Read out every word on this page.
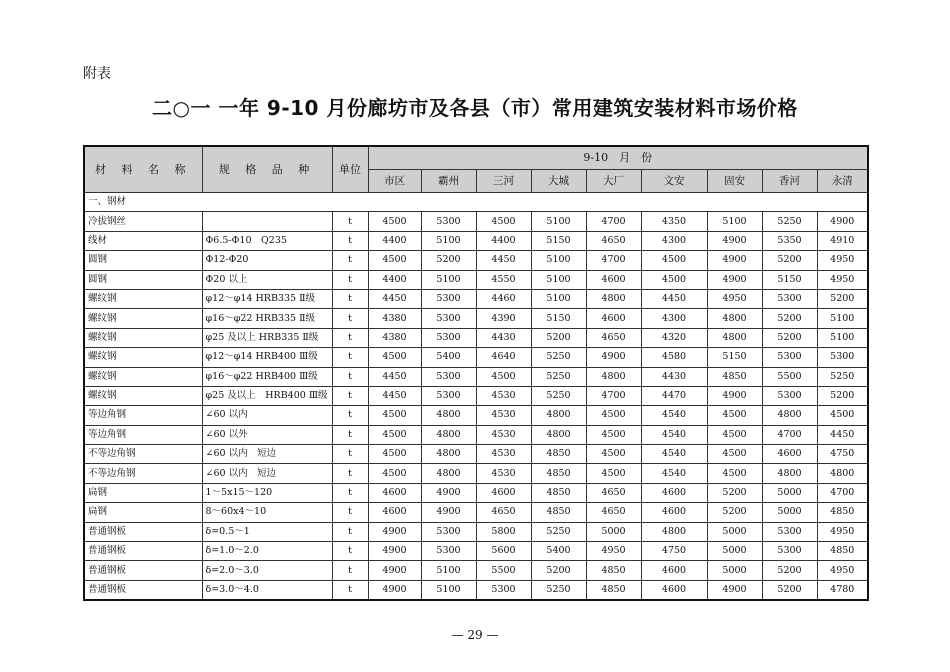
附表
二○一 一年 9-10 月份廊坊市及各县（市）常用建筑安装材料市场价格
材 料 名 称	规 格 品 种	单位	9-10　月　份								
			市区	霸州	三河	大城	大厂	文安	固安	香河	永清
一、钢材											
冷拔钢丝		t	4500	5300	4500	5100	4700	4350	5100	5250	4900
线材	Φ6.5-Φ10　Q235	t	4400	5100	4400	5150	4650	4300	4900	5350	4910
圆钢	Φ12-Φ20	t	4500	5200	4450	5100	4700	4500	4900	5200	4950
圆钢	Φ20 以上	t	4400	5100	4550	5100	4600	4500	4900	5150	4950
螺纹钢	φ12～φ14 HRB335 Ⅱ级	t	4450	5300	4460	5100	4800	4450	4950	5300	5200
螺纹钢	φ16～φ22 HRB335 Ⅱ级	t	4380	5300	4390	5150	4600	4300	4800	5200	5100
螺纹钢	φ25 及以上 HRB335 Ⅱ级	t	4380	5300	4430	5200	4650	4320	4800	5200	5100
螺纹钢	φ12～φ14 HRB400 Ⅲ级	t	4500	5400	4640	5250	4900	4580	5150	5300	5300
螺纹钢	φ16～φ22 HRB400 Ⅲ级	t	4450	5300	4500	5250	4800	4430	4850	5500	5250
螺纹钢	φ25 及以上　HRB400 Ⅲ级	t	4450	5300	4530	5250	4700	4470	4900	5300	5200
等边角钢	∠60 以内	t	4500	4800	4530	4800	4500	4540	4500	4800	4500
等边角钢	∠60 以外	t	4500	4800	4530	4800	4500	4540	4500	4700	4450
不等边角钢	∠60 以内　短边	t	4500	4800	4530	4850	4500	4540	4500	4600	4750
不等边角钢	∠60 以内　短边	t	4500	4800	4530	4850	4500	4540	4500	4800	4800
扁钢	1～5x15～120	t	4600	4900	4600	4850	4650	4600	5200	5000	4700
扁钢	8～60x4～10	t	4600	4900	4650	4850	4650	4600	5200	5000	4850
普通钢板	δ=0.5～1	t	4900	5300	5800	5250	5000	4800	5000	5300	4950
普通钢板	δ=1.0～2.0	t	4900	5300	5600	5400	4950	4750	5000	5300	4850
普通钢板	δ=2.0～3.0	t	4900	5100	5500	5200	4850	4600	5000	5200	4950
普通钢板	δ=3.0～4.0	t	4900	5100	5300	5250	4850	4600	4900	5200	4780
— 29 —
